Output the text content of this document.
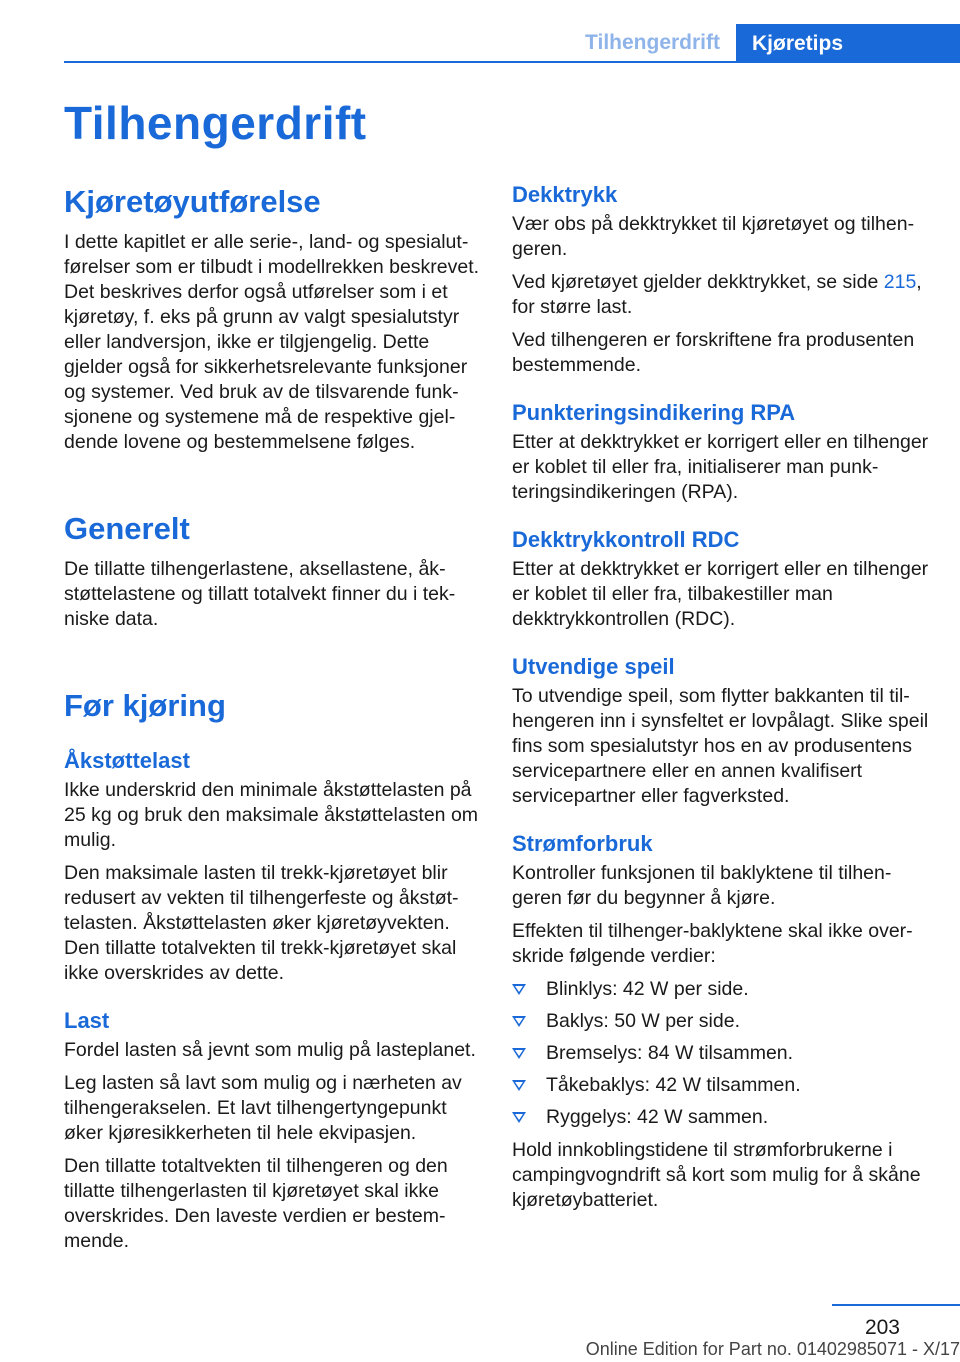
Tilhengerdrift	Kjøretips
Tilhengerdrift
Kjøretøyutførelse

I dette kapitlet er alle serie-, land- og spesialutførelser som er tilbudt i modellrekken beskrevet. Det beskrives derfor også utførelser som i et kjøretøy, f. eks på grunn av valgt spesialutstyr eller landversjon, ikke er tilgjengelig. Dette gjelder også for sikkerhetsrelevante funksjoner og systemer. Ved bruk av de tilsvarende funksjonene og systemene må de respektive gjeldende lovene og bestemmelsene følges.

Generelt

De tillatte tilhengerlastene, aksellastene, åkstøttelastene og tillatt totalvekt finner du i tekniske data.

Før kjøring
Åkstøttelast

Ikke underskrid den minimale åkstøttelasten på 25 kg og bruk den maksimale åkstøttelasten om mulig.

Den maksimale lasten til trekk-kjøretøyet blir redusert av vekten til tilhengerfeste og åkstøttelasten. Åkstøttelasten øker kjøretøyvekten. Den tillatte totalvekten til trekk-kjøretøyet skal ikke overskrides av dette.

Last

Fordel lasten så jevnt som mulig på lasteplanet.

Leg lasten så lavt som mulig og i nærheten av tilhengerakselen. Et lavt tilhengertyngepunkt øker kjøresikkerheten til hele ekvipasjen.

Den tillatte totaltvekten til tilhengeren og den tillatte tilhengerlasten til kjøretøyet skal ikke overskrides. Den laveste verdien er bestemmende.

Dekktrykk

Vær obs på dekktrykket til kjøretøyet og tilhengeren.

Ved kjøretøyet gjelder dekktrykket, se side 215, for større last.

Ved tilhengeren er forskriftene fra produsenten bestemmende.

Punkteringsindikering RPA

Etter at dekktrykket er korrigert eller en tilhenger er koblet til eller fra, initialiserer man punkteringsindikeringen (RPA).

Dekktrykkontroll RDC

Etter at dekktrykket er korrigert eller en tilhenger er koblet til eller fra, tilbakestiller man dekktrykkontrollen (RDC).

Utvendige speil

To utvendige speil, som flytter bakkanten til tilhengeren inn i synsfeltet er lovpålagt. Slike speil fins som spesialutstyr hos en av produsentens servicepartnere eller en annen kvalifisert servicepartner eller fagverksted.

Strømforbruk

Kontroller funksjonen til baklyktene til tilhengeren før du begynner å kjøre.

Effekten til tilhenger-baklyktene skal ikke overskride følgende verdier:

Blinklys: 42 W per side.
Baklys: 50 W per side.
Bremselys: 84 W tilsammen.
Tåkebaklys: 42 W tilsammen.
Ryggelys: 42 W sammen.

Hold innkoblingstidene til strømforbrukerne i campingvogndrift så kort som mulig for å skåne kjøretøybatteriet.

203
Online Edition for Part no. 01402985071 - X/17
